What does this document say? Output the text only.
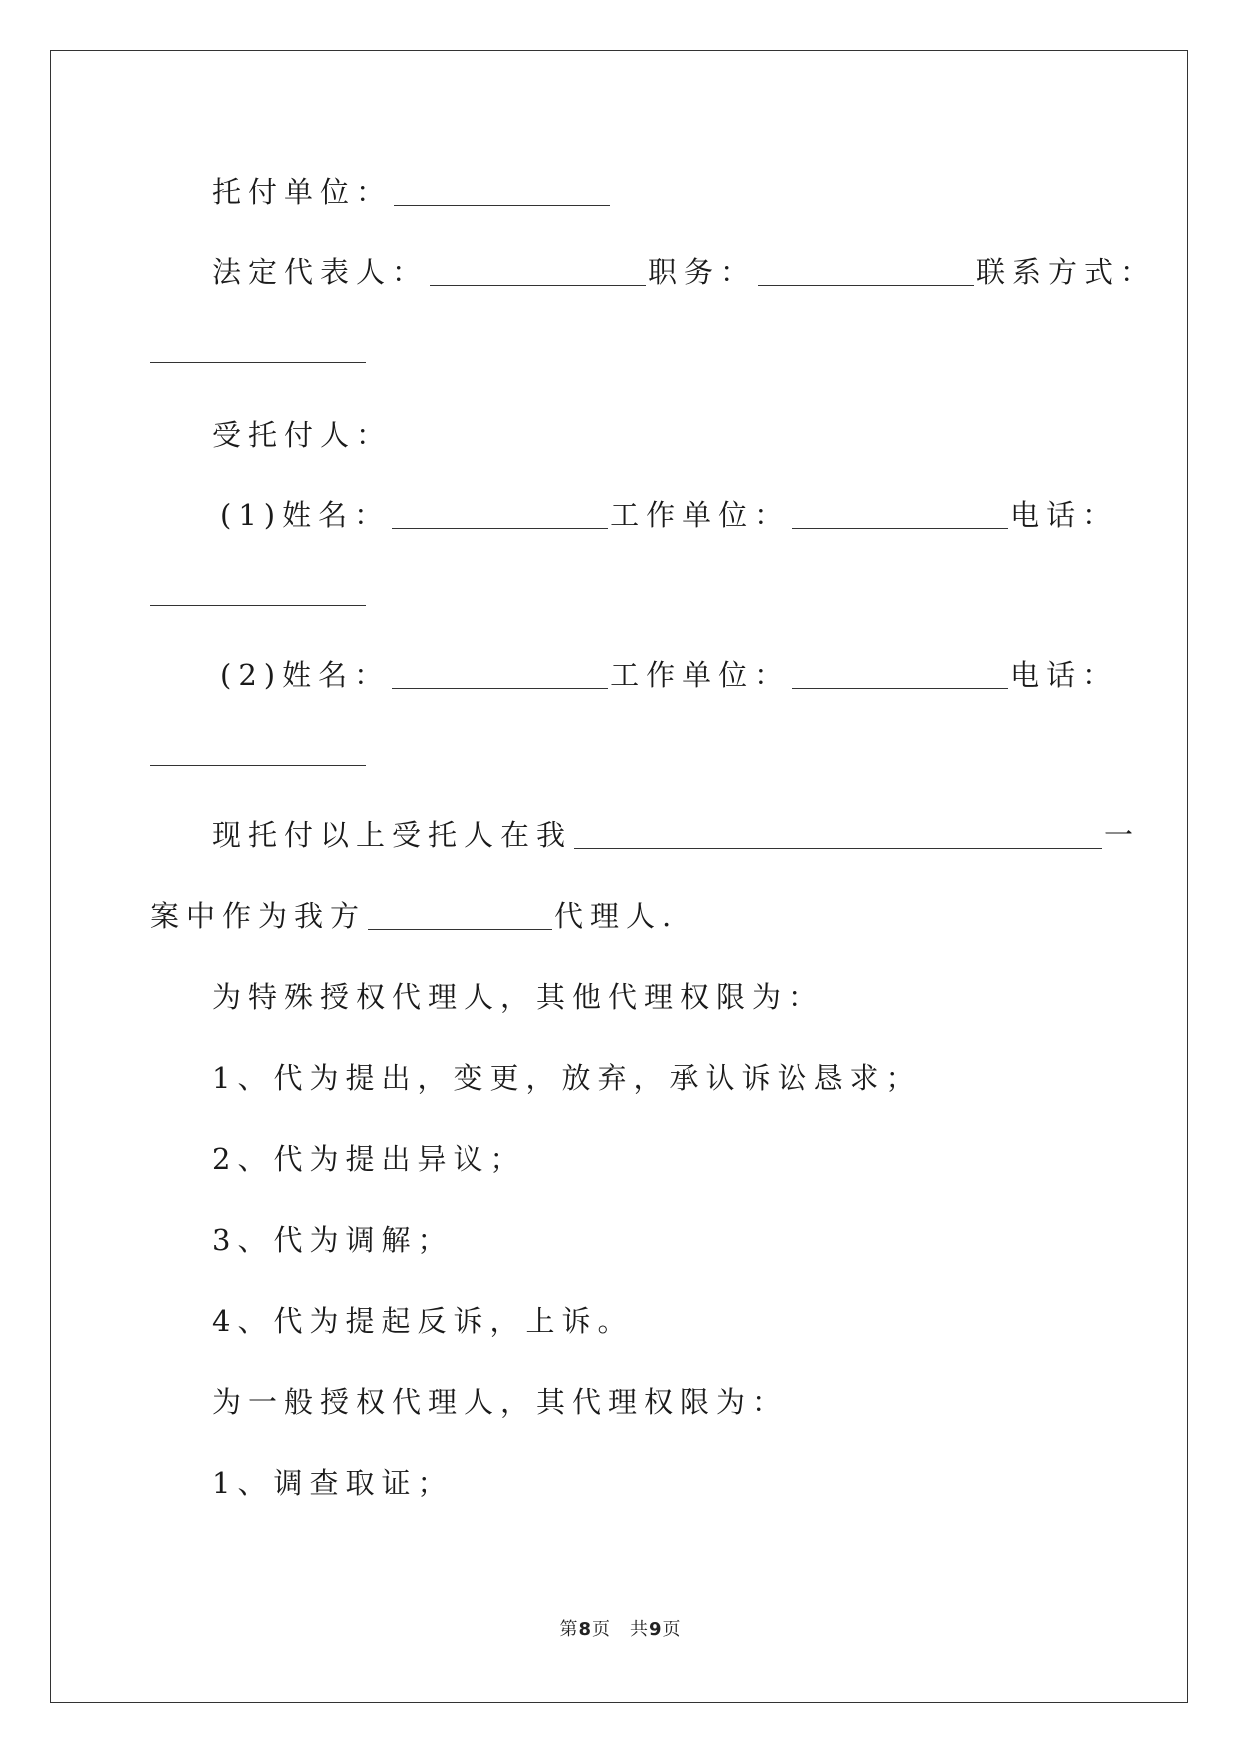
托付单位：
法定代表人：	职务：	联系方式：
受托付人：
(1)姓名：	工作单位：	电话：
(2)姓名：	工作单位：	电话：
现托付以上受托人在我	一
案中作为我方	代理人.
为特殊授权代理人，其他代理权限为：
1、代为提出，变更，放弃，承认诉讼恳求；
2、代为提出异议；
3、代为调解；
4、代为提起反诉，上诉。
为一般授权代理人，其代理权限为：
1、调查取证；
第8页　共9页
